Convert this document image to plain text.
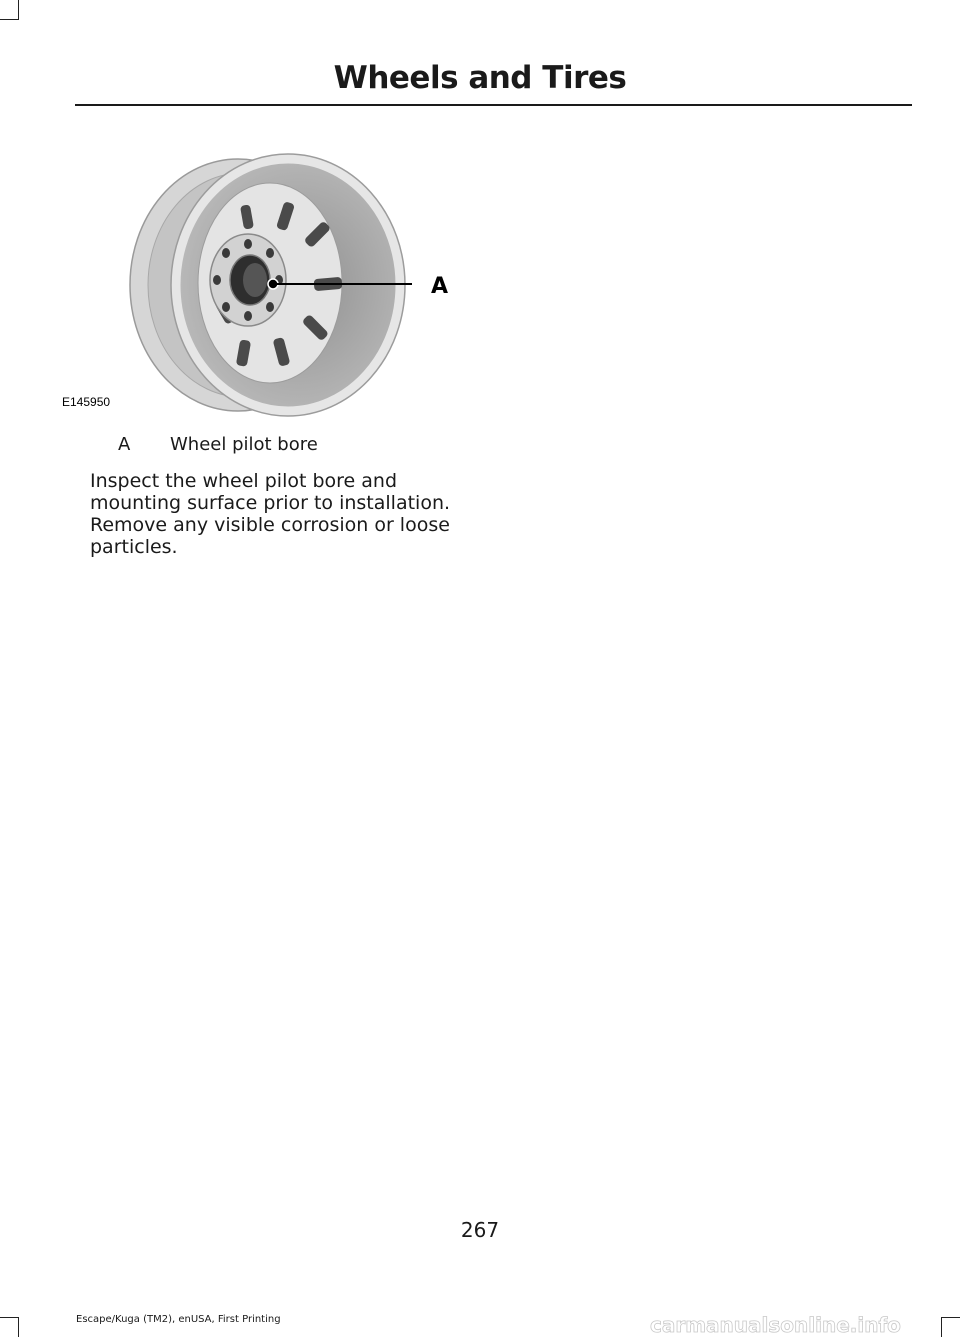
Wheels and Tires
A
E145950
A Wheel pilot bore

Inspect the wheel pilot bore and mounting surface prior to installation. Remove any visible corrosion or loose particles.

267
Escape/Kuga (TM2), enUSA, First Printing	carmanualsonline.info
